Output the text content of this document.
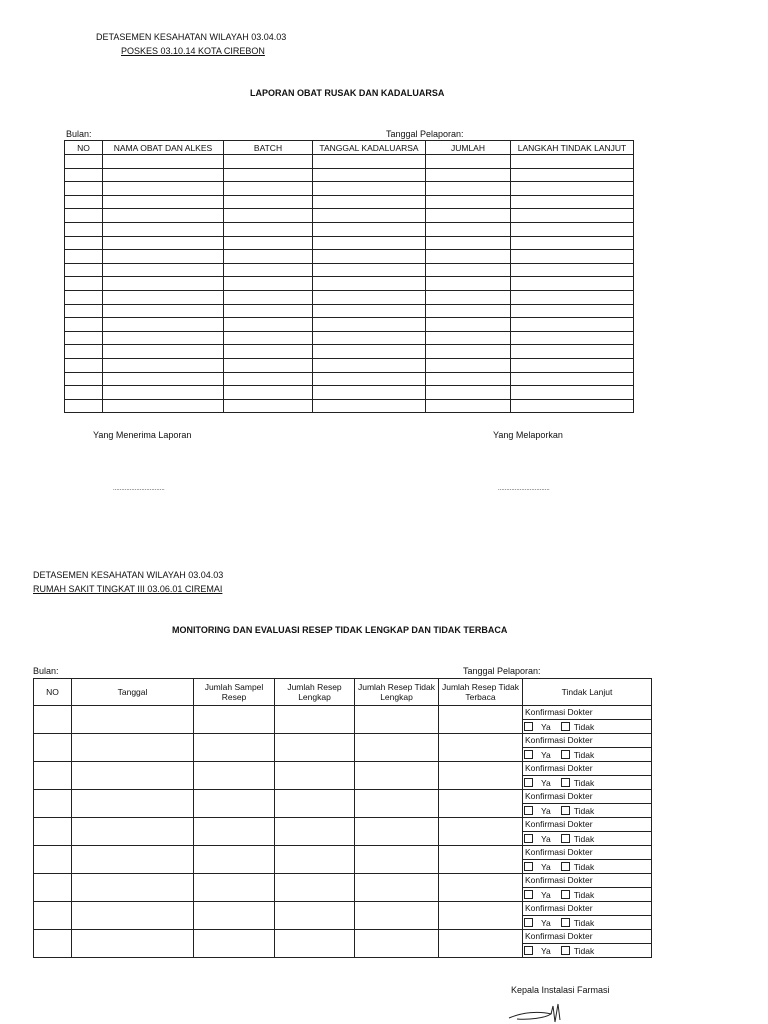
DETASEMEN KESAHATAN WILAYAH 03.04.03
POSKES 03.10.14 KOTA CIREBON
LAPORAN OBAT RUSAK DAN KADALUARSA
Bulan:	Tanggal Pelaporan:
NO	NAMA OBAT DAN ALKES	BATCH	TANGGAL KADALUARSA	JUMLAH	LANGKAH TINDAK LANJUT

Yang Menerima Laporan	Yang Melaporkan
...............................	...............................
DETASEMEN KESAHATAN WILAYAH 03.04.03
RUMAH SAKIT TINGKAT III 03.06.01 CIREMAI
MONITORING DAN EVALUASI RESEP TIDAK LENGKAP DAN TIDAK TERBACA
Bulan:	Tanggal Pelaporan:
NO	Tanggal	Jumlah Sampel Resep	Jumlah Resep Lengkap	Jumlah Resep Tidak Lengkap	Jumlah Resep Tidak Terbaca	Tindak Lanjut

						Konfirmasi Dokter
Ya Tidak

						Konfirmasi Dokter
Ya Tidak

						Konfirmasi Dokter
Ya Tidak

						Konfirmasi Dokter
Ya Tidak

						Konfirmasi Dokter
Ya Tidak

						Konfirmasi Dokter
Ya Tidak

						Konfirmasi Dokter
Ya Tidak

						Konfirmasi Dokter
Ya Tidak

						Konfirmasi Dokter
Ya Tidak
Kepala Instalasi Farmasi
